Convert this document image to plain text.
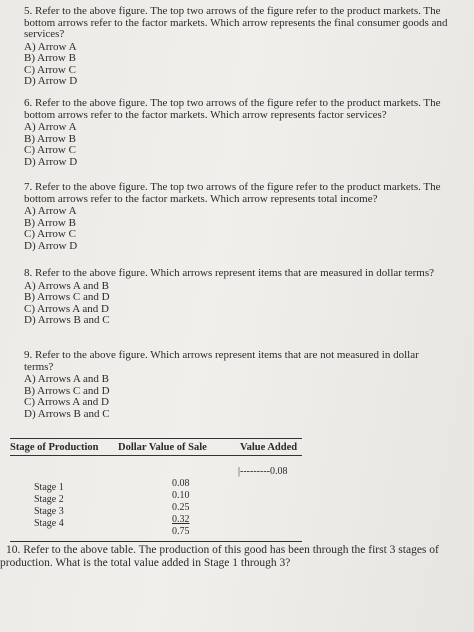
5. Refer to the above figure. The top two arrows of the figure refer to the product markets. The bottom arrows refer to the factor markets. Which arrow represents the final consumer goods and services?
A) Arrow A
B) Arrow B
C) Arrow C
D) Arrow D
6. Refer to the above figure. The top two arrows of the figure refer to the product markets. The bottom arrows refer to the factor markets. Which arrow represents factor services?
A) Arrow A
B) Arrow B
C) Arrow C
D) Arrow D
7. Refer to the above figure. The top two arrows of the figure refer to the product markets. The bottom arrows refer to the factor markets. Which arrow represents total income?
A) Arrow A
B) Arrow B
C) Arrow C
D) Arrow D
8. Refer to the above figure. Which arrows represent items that are measured in dollar terms?
A) Arrows A and B
B) Arrows C and D
C) Arrows A and D
D) Arrows B and C
9. Refer to the above figure. Which arrows represent items that are not measured in dollar terms?
A) Arrows A and B
B) Arrows C and D
C) Arrows A and D
D) Arrows B and C
Stage of Production	Dollar Value of Sale	Value Added
|---------0.08
Stage 1
Stage 2
Stage 3
Stage 4
0.08
0.10
0.25
0.32
0.75
10. Refer to the above table. The production of this good has been through the first 3 stages of
production. What is the total value added in Stage 1 through 3?
